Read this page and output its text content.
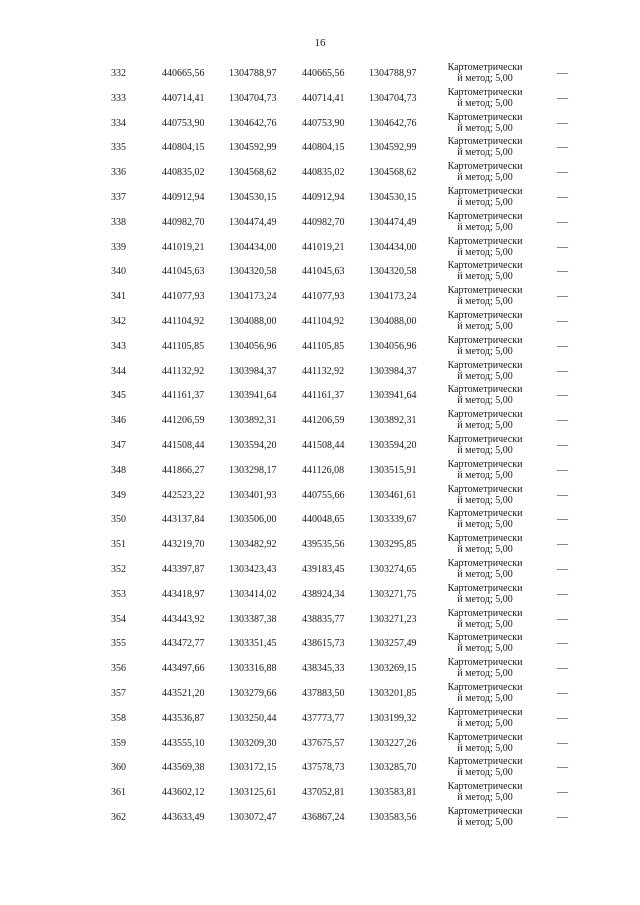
16
332	440665,56 1304788,97	440665,56 1304788,97
Картометрически
й метод; 5,00	—
333	440714,41 1304704,73	440714,41 1304704,73
Картометрически
й метод; 5,00	—
334	440753,90 1304642,76	440753,90 1304642,76
Картометрически
й метод; 5,00	—
335	440804,15 1304592,99	440804,15 1304592,99
Картометрически
й метод; 5,00	—
336	440835,02 1304568,62	440835,02 1304568,62
Картометрически
й метод; 5,00	—
337	440912,94 1304530,15	440912,94 1304530,15
Картометрически
й метод; 5,00	—
338	440982,70 1304474,49	440982,70 1304474,49
Картометрически
й метод; 5,00	—
339	441019,21 1304434,00	441019,21 1304434,00
Картометрически
й метод; 5,00	—
340	441045,63 1304320,58	441045,63 1304320,58
Картометрически
й метод; 5,00	—
341	441077,93 1304173,24	441077,93 1304173,24
Картометрически
й метод; 5,00	—
342	441104,92 1304088,00	441104,92 1304088,00
Картометрически
й метод; 5,00	—
343	441105,85 1304056,96	441105,85 1304056,96
Картометрически
й метод; 5,00	—
344	441132,92 1303984,37	441132,92 1303984,37
Картометрически
й метод; 5,00	—
345	441161,37 1303941,64	441161,37 1303941,64
Картометрически
й метод; 5,00	—
346	441206,59 1303892,31	441206,59 1303892,31
Картометрически
й метод; 5,00	—
347	441508,44 1303594,20	441508,44 1303594,20
Картометрически
й метод; 5,00	—
348	441866,27 1303298,17	441126,08 1303515,91
Картометрически
й метод; 5,00	—
349	442523,22 1303401,93	440755,66 1303461,61
Картометрически
й метод; 5,00	—
350	443137,84 1303506,00	440048,65 1303339,67
Картометрически
й метод; 5,00	—
351	443219,70 1303482,92	439535,56 1303295,85
Картометрически
й метод; 5,00	—
352	443397,87 1303423,43	439183,45 1303274,65
Картометрически
й метод; 5,00	—
353	443418,97 1303414,02	438924,34 1303271,75
Картометрически
й метод; 5,00	—
354	443443,92 1303387,38	438835,77 1303271,23
Картометрически
й метод; 5,00	—
355	443472,77 1303351,45	438615,73 1303257,49
Картометрически
й метод; 5,00	—
356	443497,66 1303316,88	438345,33 1303269,15
Картометрически
й метод; 5,00	—
357	443521,20 1303279,66	437883,50 1303201,85
Картометрически
й метод; 5,00	—
358	443536,87 1303250,44	437773,77 1303199,32
Картометрически
й метод; 5,00	—
359	443555,10 1303209,30	437675,57 1303227,26
Картометрически
й метод; 5,00	—
360	443569,38 1303172,15	437578,73 1303285,70
Картометрически
й метод; 5,00	—
361	443602,12 1303125,61	437052,81 1303583,81
Картометрически
й метод; 5,00	—
362	443633,49 1303072,47	436867,24 1303583,56
Картометрически
й метод; 5,00	—
